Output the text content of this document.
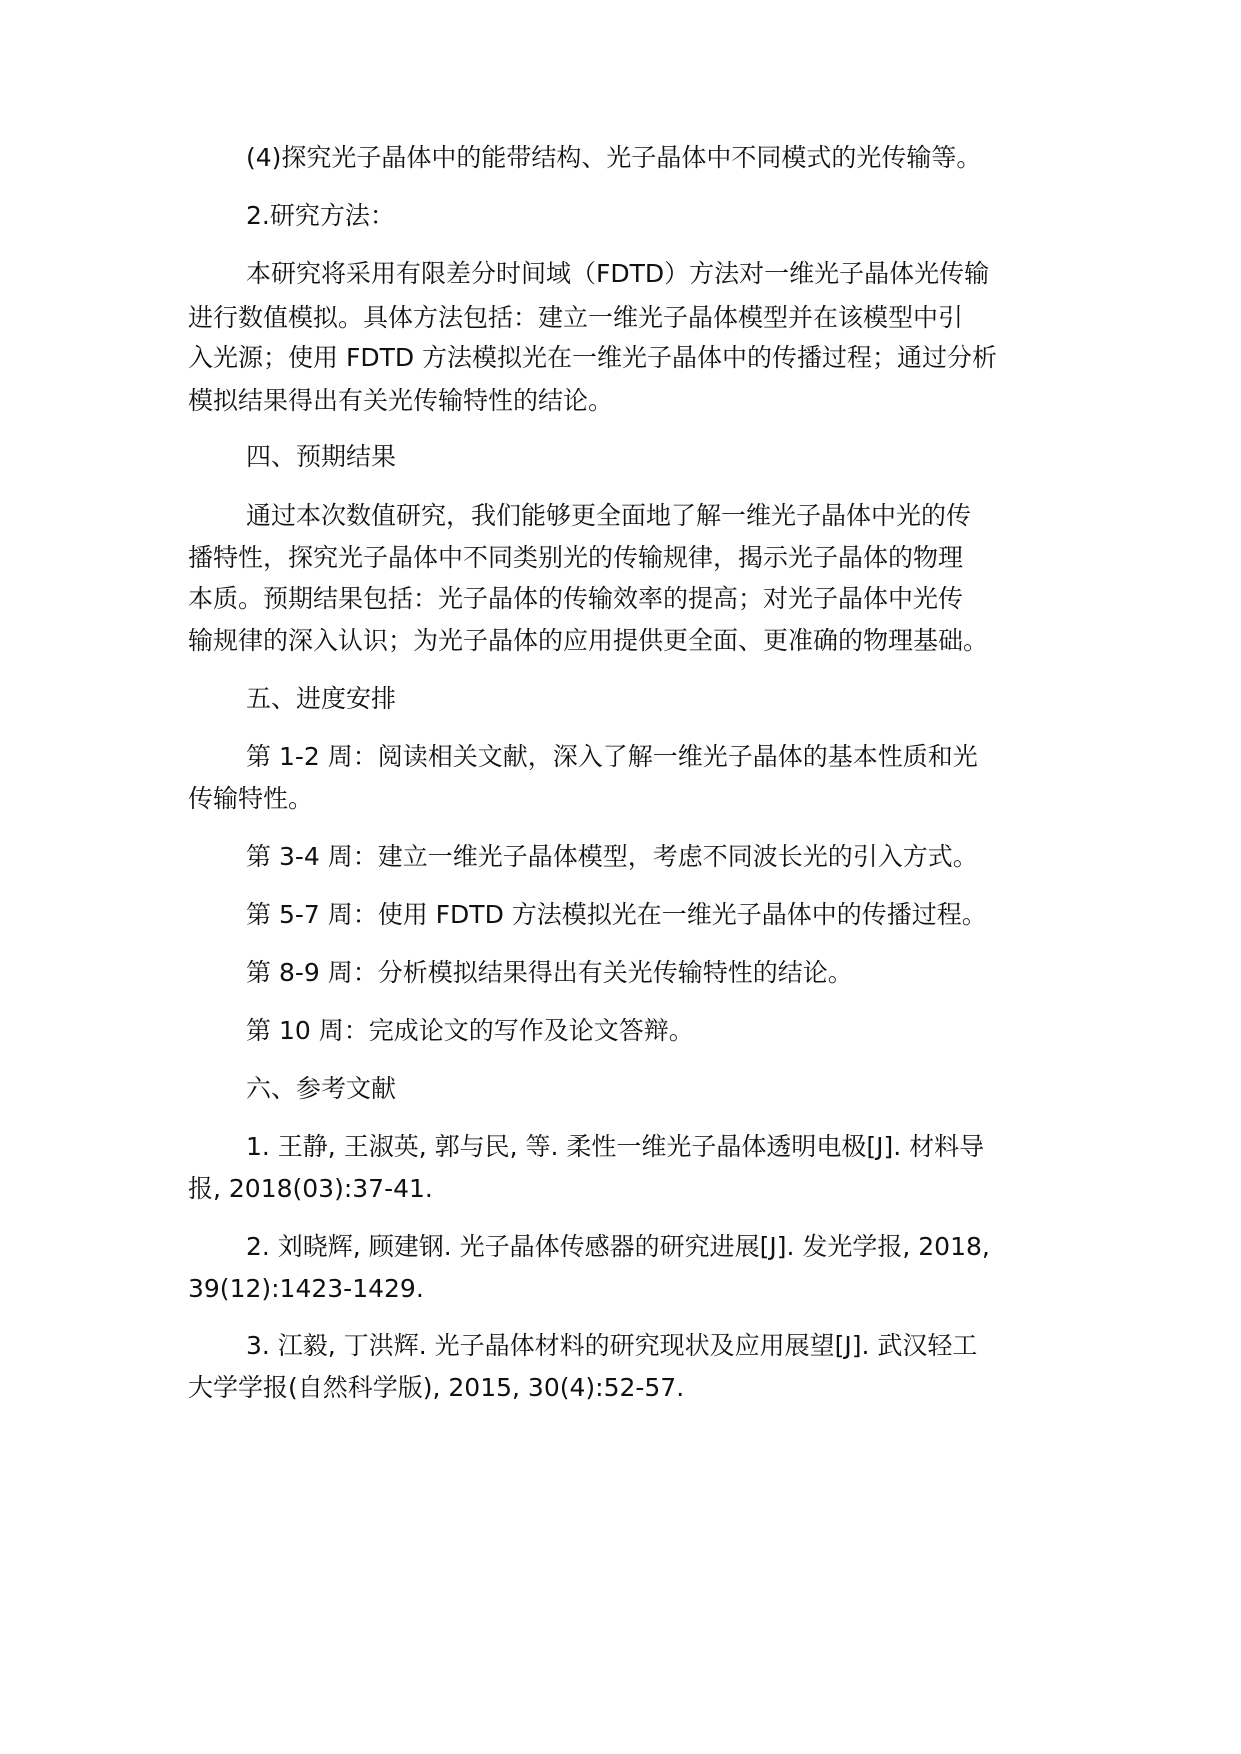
(4)探究光子晶体中的能带结构、光子晶体中不同模式的光传输等。
2.研究方法：
本研究将采用有限差分时间域（FDTD）方法对一维光子晶体光传输
进行数值模拟。具体方法包括：建立一维光子晶体模型并在该模型中引
入光源；使用 FDTD 方法模拟光在一维光子晶体中的传播过程；通过分析
模拟结果得出有关光传输特性的结论。
四、预期结果
通过本次数值研究，我们能够更全面地了解一维光子晶体中光的传
播特性，探究光子晶体中不同类别光的传输规律，揭示光子晶体的物理
本质。预期结果包括：光子晶体的传输效率的提高；对光子晶体中光传
输规律的深入认识；为光子晶体的应用提供更全面、更准确的物理基础。
五、进度安排
第 1-2 周：阅读相关文献，深入了解一维光子晶体的基本性质和光
传输特性。
第 3-4 周：建立一维光子晶体模型，考虑不同波长光的引入方式。
第 5-7 周：使用 FDTD 方法模拟光在一维光子晶体中的传播过程。
第 8-9 周：分析模拟结果得出有关光传输特性的结论。
第 10 周：完成论文的写作及论文答辩。
六、参考文献
1. 王静, 王淑英, 郭与民, 等. 柔性一维光子晶体透明电极[J]. 材料导
报, 2018(03):37-41.
2. 刘晓辉, 顾建钢. 光子晶体传感器的研究进展[J]. 发光学报, 2018,
39(12):1423-1429.
3. 江毅, 丁洪辉. 光子晶体材料的研究现状及应用展望[J]. 武汉轻工
大学学报(自然科学版), 2015, 30(4):52-57.
